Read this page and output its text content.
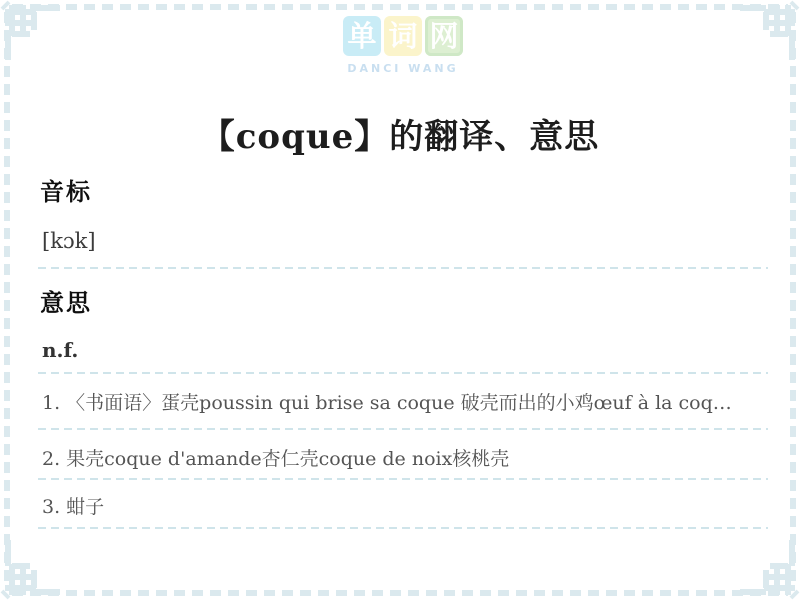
单 词 网
DANCI WANG
【coque】的翻译、意思
音标
[kɔk]
意思
n.f.
1. 〈书面语〉蛋壳poussin qui brise sa coque 破壳而出的小鸡œuf à la coq…
2. 果壳coque d'amande杏仁壳coque de noix核桃壳
3. 蚶子
